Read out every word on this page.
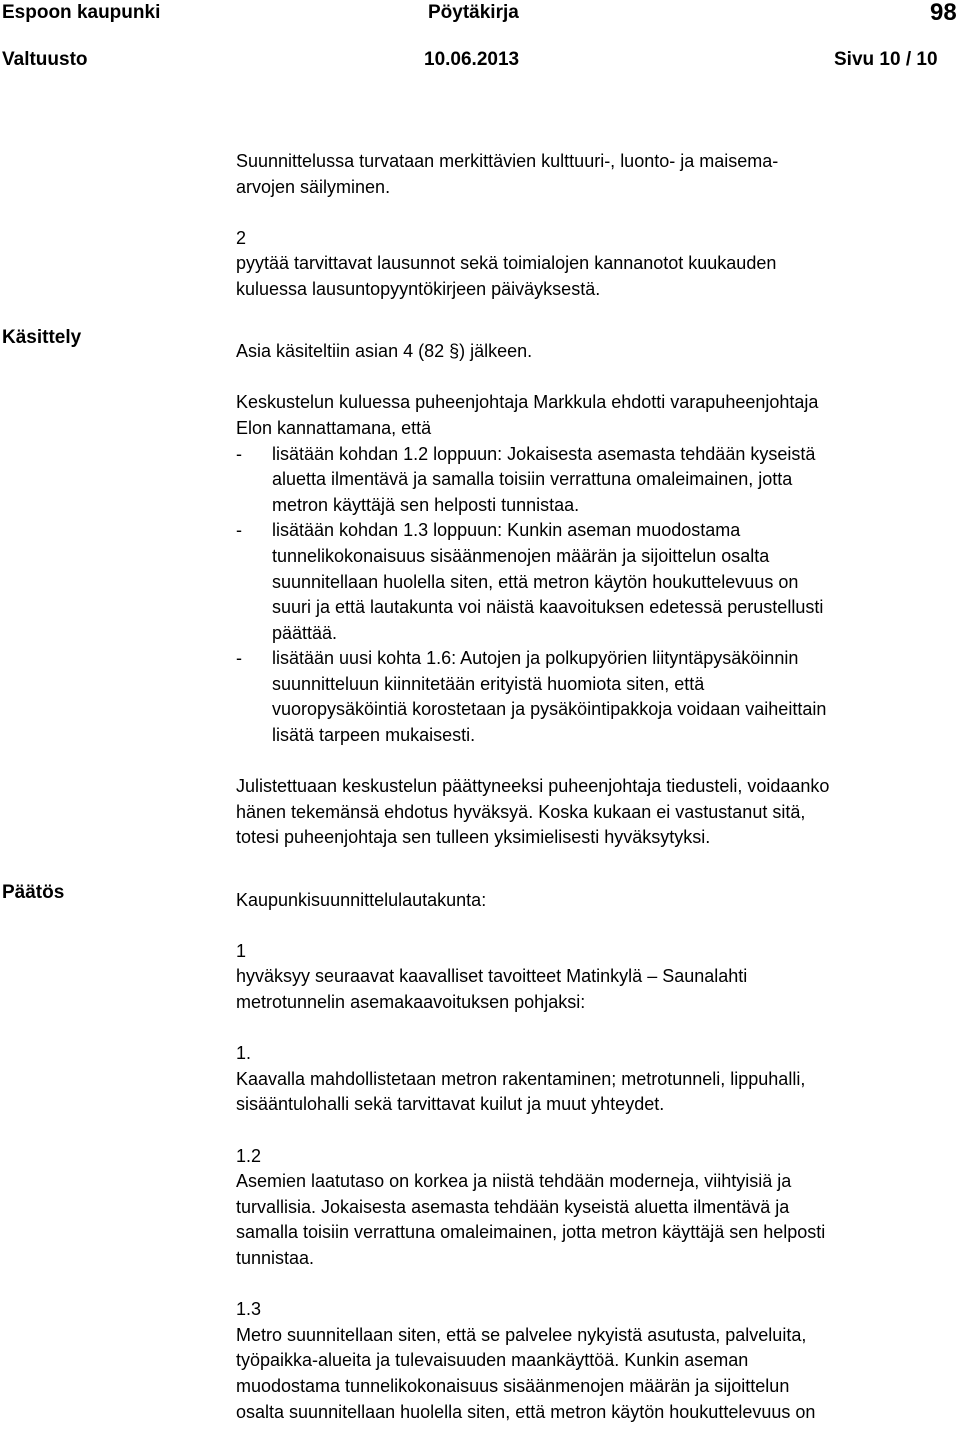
Espoon kaupunki	Pöytäkirja	98
Valtuusto	10.06.2013	Sivu 10 / 10
Käsittely
Päätös
Suunnittelussa turvataan merkittävien kulttuuri-, luonto- ja maisema-
arvojen säilyminen.
2
pyytää tarvittavat lausunnot sekä toimialojen kannanotot kuukauden
kuluessa lausuntopyyntökirjeen päiväyksestä.
Asia käsiteltiin asian 4 (82 §) jälkeen.
Keskustelun kuluessa puheenjohtaja Markkula ehdotti varapuheenjohtaja
Elon kannattamana, että
- lisätään kohdan 1.2 loppuun: Jokaisesta asemasta tehdään kyseistä
aluetta ilmentävä ja samalla toisiin verrattuna omaleimainen, jotta
metron käyttäjä sen helposti tunnistaa.
- lisätään kohdan 1.3 loppuun: Kunkin aseman muodostama
tunnelikokonaisuus sisäänmenojen määrän ja sijoittelun osalta
suunnitellaan huolella siten, että metron käytön houkuttelevuus on
suuri ja että lautakunta voi näistä kaavoituksen edetessä perustellusti
päättää.
- lisätään uusi kohta 1.6: Autojen ja polkupyörien liityntäpysäköinnin
suunnitteluun kiinnitetään erityistä huomiota siten, että
vuoropysäköintiä korostetaan ja pysäköintipakkoja voidaan vaiheittain
lisätä tarpeen mukaisesti.
Julistettuaan keskustelun päättyneeksi puheenjohtaja tiedusteli, voidaanko
hänen tekemänsä ehdotus hyväksyä. Koska kukaan ei vastustanut sitä,
totesi puheenjohtaja sen tulleen yksimielisesti hyväksytyksi.
Kaupunkisuunnittelulautakunta:
1
hyväksyy seuraavat kaavalliset tavoitteet Matinkylä – Saunalahti
metrotunnelin asemakaavoituksen pohjaksi:
1.
Kaavalla mahdollistetaan metron rakentaminen; metrotunneli, lippuhalli,
sisääntulohalli sekä tarvittavat kuilut ja muut yhteydet.
1.2
Asemien laatutaso on korkea ja niistä tehdään moderneja, viihtyisiä ja
turvallisia. Jokaisesta asemasta tehdään kyseistä aluetta ilmentävä ja
samalla toisiin verrattuna omaleimainen, jotta metron käyttäjä sen helposti
tunnistaa.
1.3
Metro suunnitellaan siten, että se palvelee nykyistä asutusta, palveluita,
työpaikka-alueita ja tulevaisuuden maankäyttöä. Kunkin aseman
muodostama tunnelikokonaisuus sisäänmenojen määrän ja sijoittelun
osalta suunnitellaan huolella siten, että metron käytön houkuttelevuus on
